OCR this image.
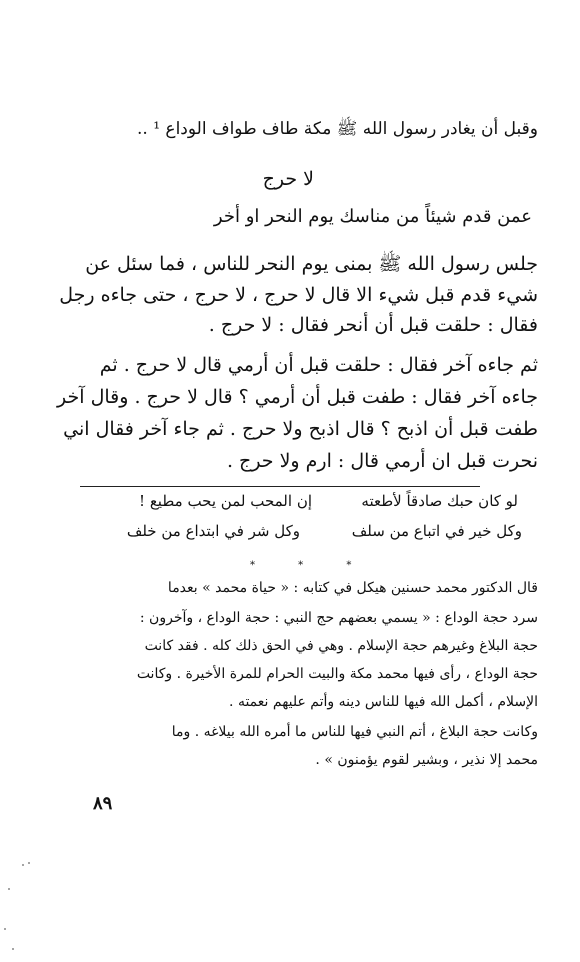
وقبل أن يغادر رسول الله ﷺ مكة طاف طواف الوداع ¹ ..
لا حرج
عمن قدم شيئاً من مناسك يوم النحر او أخر
جلس رسول الله ﷺ بمنى يوم النحر للناس ، فما سئل عن
شيء قدم قبل شيء الا قال لا حرج ، لا حرج ، حتى جاءه رجل
فقال : حلقت قبل أن أنحر فقال : لا حرج .
ثم جاءه آخر فقال : حلقت قبل أن أرمي قال لا حرج . ثم
جاءه آخر فقال : طفت قبل أن أرمي ؟ قال لا حرج . وقال آخر
طفت قبل أن اذبح ؟ قال اذبح ولا حرج . ثم جاء آخر فقال اني
نحرت قبل ان أرمي قال : ارم ولا حرج .
لو كان حبك صادقاً لأطعته
إن المحب لمن يحب مطيع !
وكل خير في اتباع من سلف
وكل شر في ابتداع من خلف
* * *
قال الدكتور محمد حسنين هيكل في كتابه : « حياة محمد » بعدما
سرد حجة الوداع : « يسمي بعضهم حج النبي : حجة الوداع ، وآخرون :
حجة البلاغ وغيرهم حجة الإسلام . وهي في الحق ذلك كله . فقد كانت
حجة الوداع ، رأى فيها محمد مكة والبيت الحرام للمرة الأخيرة . وكانت
الإسلام ، أكمل الله فيها للناس دينه وأتم عليهم نعمته .
وكانت حجة البلاغ ، أتم النبي فيها للناس ما أمره الله بيلاغه . وما
محمد إلا نذير ، وبشير لقوم يؤمنون » .
٨٩
